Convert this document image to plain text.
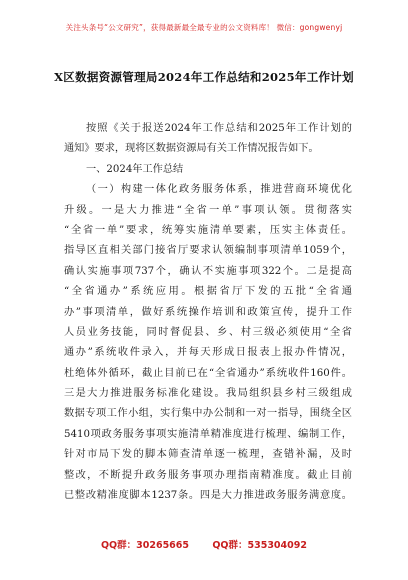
关注头条号“公文研究”，获得最新最全最专业的公文资料库！ 微信：gongwenyj
X区数据资源管理局2024年工作总结和2025年工作计划
按照《关于报送2024年工作总结和2025年工作计划的
通知》要求，现将区数据资源局有关工作情况报告如下。
一、2024年工作总结
（一）构建一体化政务服务体系，推进营商环境优化
升级。一是大力推进“全省一单”事项认领。贯彻落实
“全省一单”要求，统筹实施清单要素，压实主体责任。
指导区直相关部门接省厅要求认领编制事项清单1059个，
确认实施事项737个，确认不实施事项322个。二是提高
“全省通办”系统应用。根据省厅下发的五批“全省通
办”事项清单，做好系统操作培训和政策宣传，提升工作
人员业务技能，同时督促县、乡、村三级必须使用“全省
通办”系统收件录入，并每天形成日报表上报办件情况，
杜绝体外循环，截止目前已在“全省通办”系统收件160件。
三是大力推进服务标准化建设。我局组织县乡村三级组成
数据专项工作小组，实行集中办公制和一对一指导，围绕全区
5410项政务服务事项实施清单精准度进行梳理、编制工作，
针对市局下发的脚本筛查清单逐一梳理，查错补漏，及时
整改，不断提升政务服务事项办理指南精准度。截止目前
已整改精准度脚本1237条。四是大力推进政务服务满意度。
QQ群：30265665 QQ群：535304092
